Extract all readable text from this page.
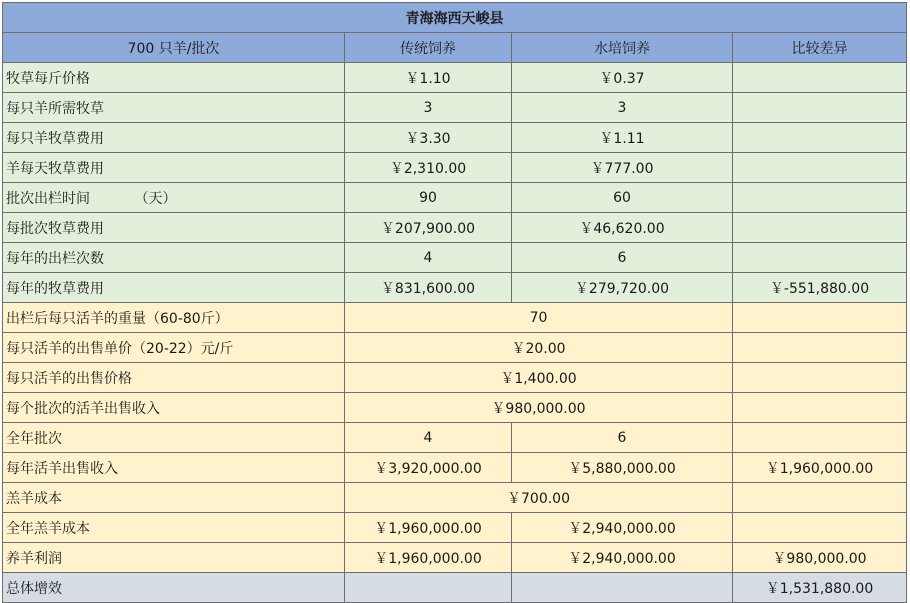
青海海西天峻县			
700 只羊/批次	传统饲养	水培饲养	比较差异
牧草每斤价格	￥1.10	￥0.37	
每只羊所需牧草	3	3	
每只羊牧草费用	￥3.30	￥1.11	
羊每天牧草费用	￥2,310.00	￥777.00	
批次出栏时间          （天）	90	60	
每批次牧草费用	￥207,900.00	￥46,620.00	
每年的出栏次数	4	6	
每年的牧草费用	￥831,600.00	￥279,720.00	￥-551,880.00
出栏后每只活羊的重量（60-80斤）	70		
每只活羊的出售单价（20-22）元/斤	￥20.00		
每只活羊的出售价格	￥1,400.00		
每个批次的活羊出售收入	￥980,000.00		
全年批次	4	6	
每年活羊出售收入	￥3,920,000.00	￥5,880,000.00	￥1,960,000.00
羔羊成本	￥700.00		
全年羔羊成本	￥1,960,000.00	￥2,940,000.00	
养羊利润	￥1,960,000.00	￥2,940,000.00	￥980,000.00
总体增效			￥1,531,880.00
